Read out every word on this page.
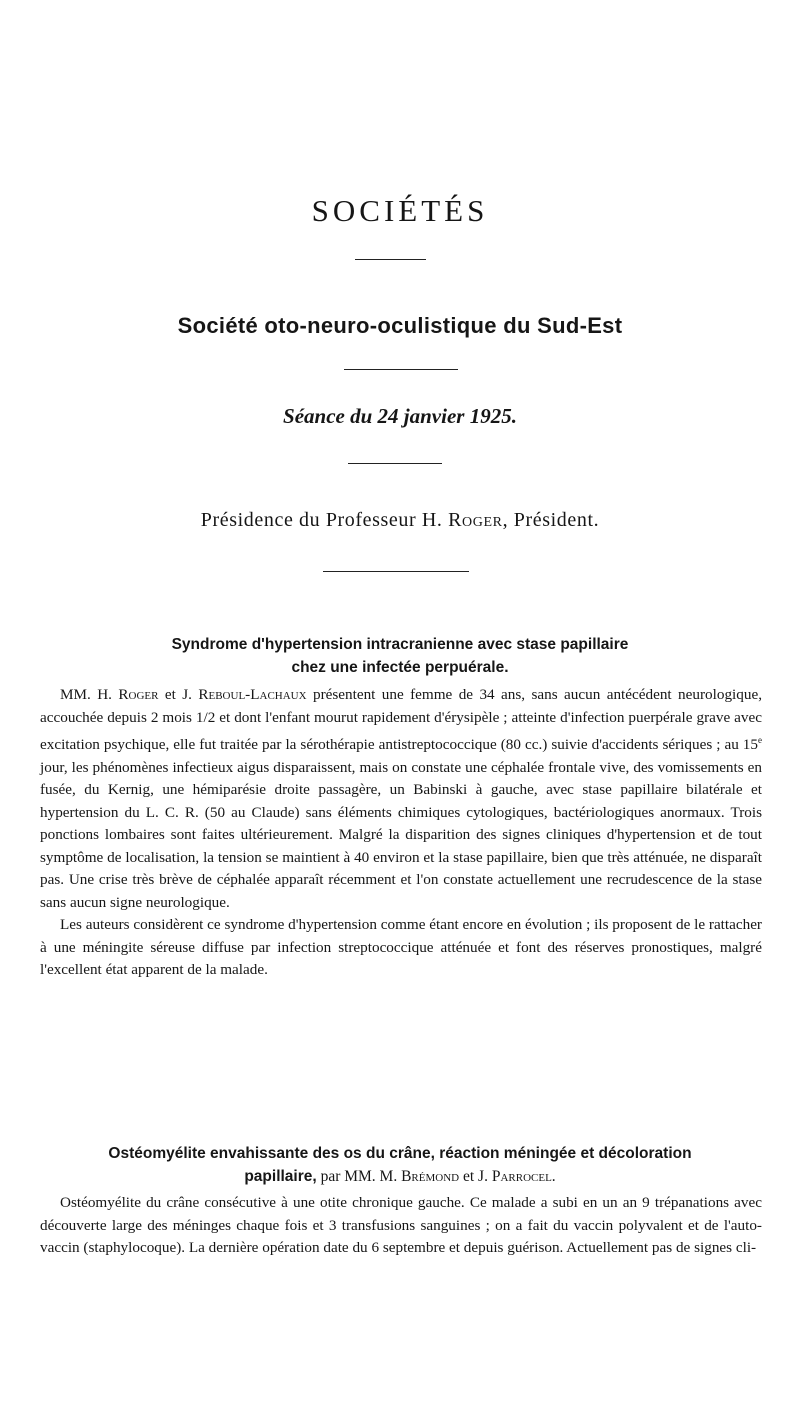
SOCIÉTÉS
Société oto-neuro-oculistique du Sud-Est
Séance du 24 janvier 1925.
Présidence du Professeur H. Roger, Président.
Syndrome d'hypertension intracranienne avec stase papillaire
chez une infectée perpuérale.

MM. H. Roger et J. Reboul-Lachaux présentent une femme de 34 ans, sans aucun antécédent neurologique, accouchée depuis 2 mois 1/2 et dont l'enfant mourut rapidement d'érysipèle ; atteinte d'infection puerpérale grave avec excitation psychique, elle fut traitée par la sérothérapie antistreptococcique (80 cc.) suivie d'accidents sériques ; au 15e jour, les phénomènes infectieux aigus disparaissent, mais on constate une céphalée frontale vive, des vomissements en fusée, du Kernig, une hémiparésie droite passagère, un Babinski à gauche, avec stase papillaire bilatérale et hypertension du L. C. R. (50 au Claude) sans éléments chimiques cytologiques, bactériologiques anormaux. Trois ponctions lombaires sont faites ultérieurement. Malgré la disparition des signes cliniques d'hypertension et de tout symptôme de localisation, la tension se maintient à 40 environ et la stase papillaire, bien que très atténuée, ne disparaît pas. Une crise très brève de céphalée apparaît récemment et l'on constate actuellement une recrudescence de la stase sans aucun signe neurologique.

Les auteurs considèrent ce syndrome d'hypertension comme étant encore en évolution ; ils proposent de le rattacher à une méningite séreuse diffuse par infection streptococcique atténuée et font des réserves pronostiques, malgré l'excellent état apparent de la malade.

Ostéomyélite envahissante des os du crâne, réaction méningée et décoloration
papillaire, par MM. M. Brémond et J. Parrocel.

Ostéomyélite du crâne consécutive à une otite chronique gauche. Ce malade a subi en un an 9 trépanations avec découverte large des méninges chaque fois et 3 transfusions sanguines ; on a fait du vaccin polyvalent et de l'auto-vaccin (staphylocoque). La dernière opération date du 6 septembre et depuis guérison. Actuellement pas de signes cli-
